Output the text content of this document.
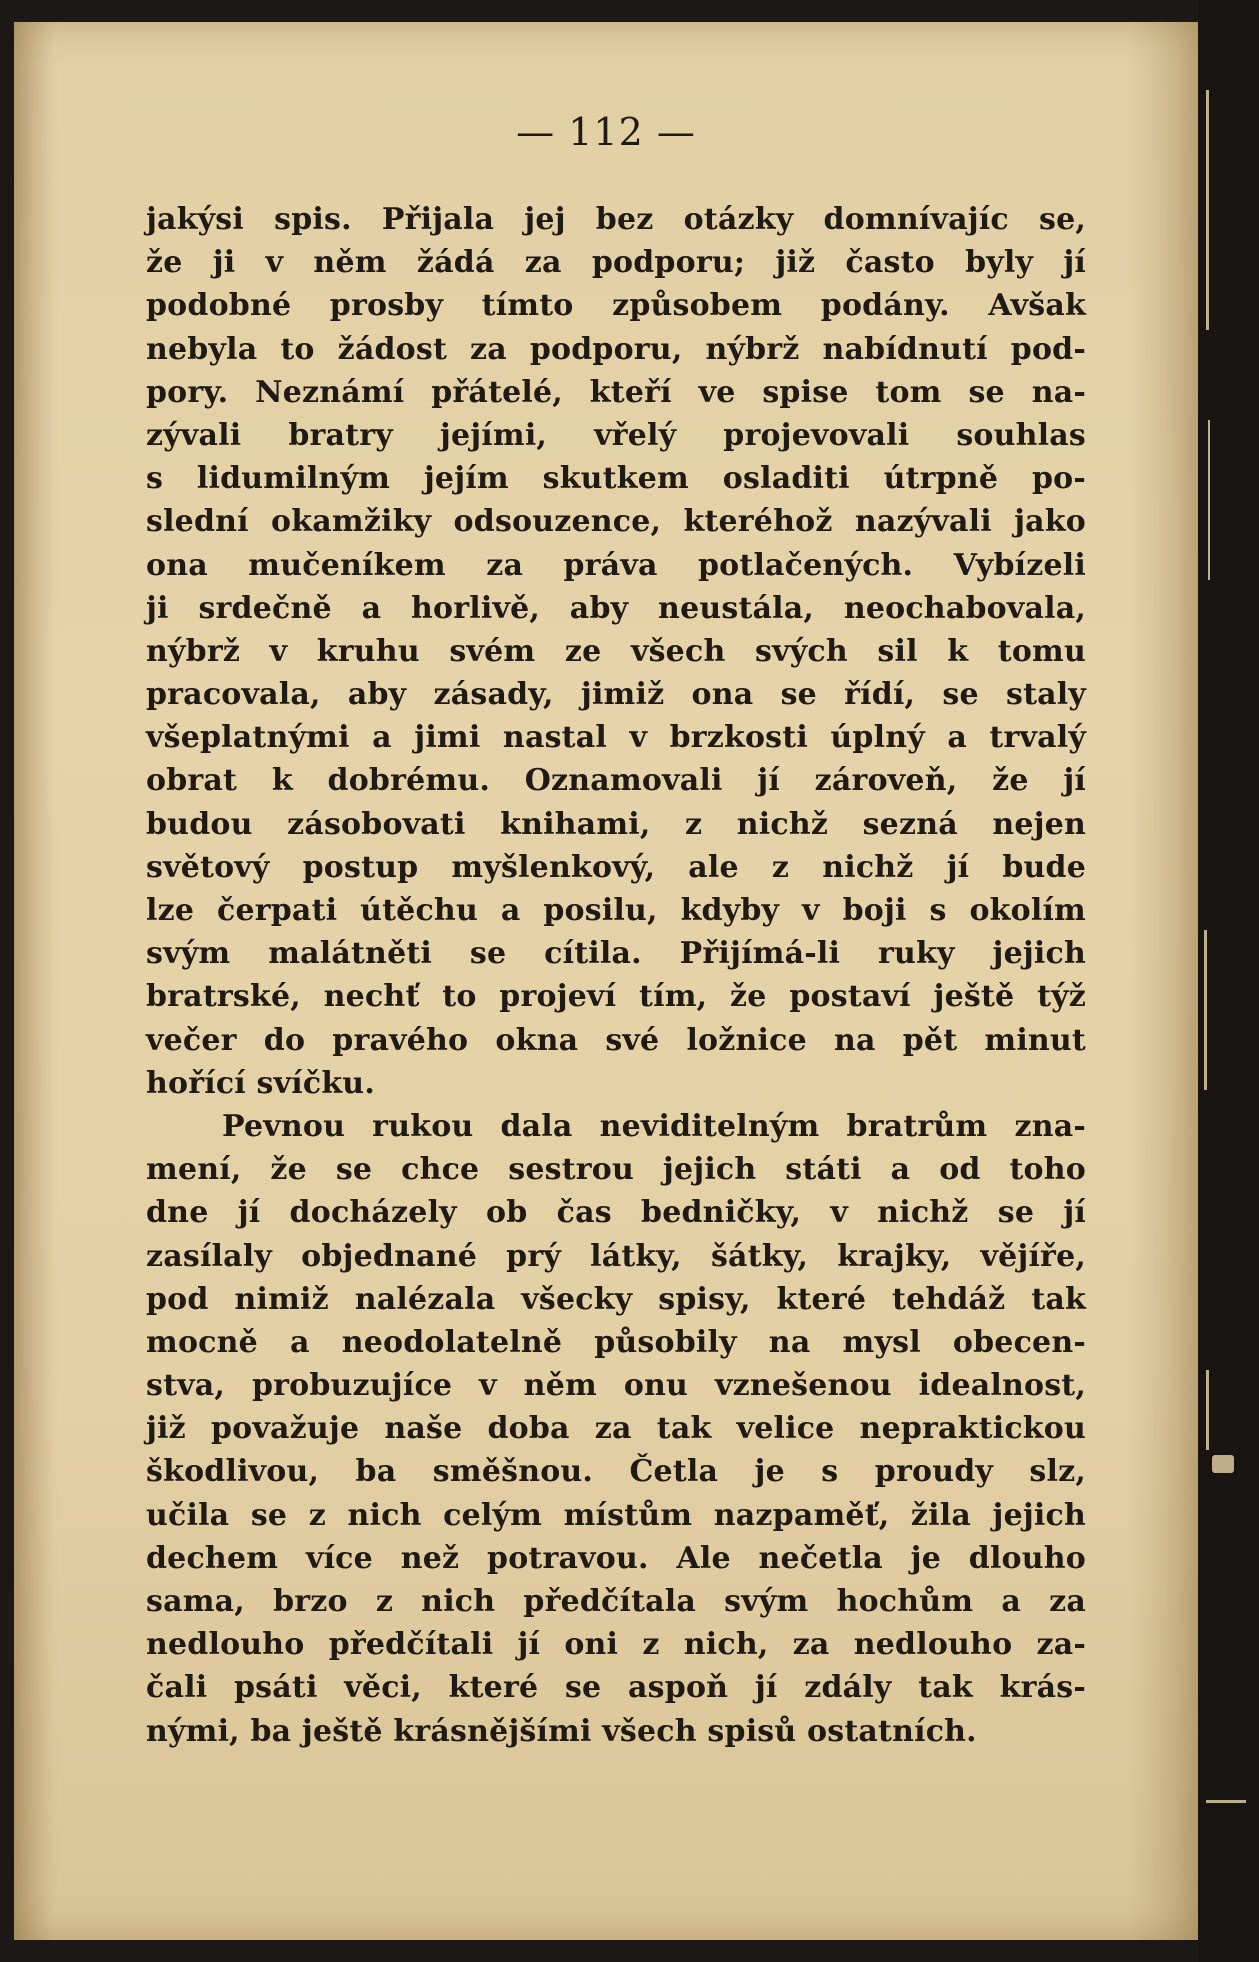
— 112 —
jakýsi spis. Přijala jej bez otázky domnívajíc se,
že ji v něm žádá za podporu; již často byly jí
podobné prosby tímto způsobem podány. Avšak
nebyla to žádost za podporu, nýbrž nabídnutí pod-
pory. Neznámí přátelé, kteří ve spise tom se na-
zývali bratry jejími, vřelý projevovali souhlas
s lidumilným jejím skutkem osladiti útrpně po-
slední okamžiky odsouzence, kteréhož nazývali jako
ona mučeníkem za práva potlačených. Vybízeli
ji srdečně a horlivě, aby neustála, neochabovala,
nýbrž v kruhu svém ze všech svých sil k tomu
pracovala, aby zásady, jimiž ona se řídí, se staly
všeplatnými a jimi nastal v brzkosti úplný a trvalý
obrat k dobrému. Oznamovali jí zároveň, že jí
budou zásobovati knihami, z nichž sezná nejen
světový postup myšlenkový, ale z nichž jí bude
lze čerpati útěchu a posilu, kdyby v boji s okolím
svým malátněti se cítila. Přijímá-li ruky jejich
bratrské, nechť to projeví tím, že postaví ještě týž
večer do pravého okna své ložnice na pět minut
hořící svíčku.
Pevnou rukou dala neviditelným bratrům zna-
mení, že se chce sestrou jejich státi a od toho
dne jí docházely ob čas bedničky, v nichž se jí
zasílaly objednané prý látky, šátky, krajky, vějíře,
pod nimiž nalézala všecky spisy, které tehdáž tak
mocně a neodolatelně působily na mysl obecen-
stva, probuzujíce v něm onu vznešenou idealnost,
již považuje naše doba za tak velice nepraktickou
škodlivou, ba směšnou. Četla je s proudy slz,
učila se z nich celým místům nazpaměť, žila jejich
dechem více než potravou. Ale nečetla je dlouho
sama, brzo z nich předčítala svým hochům a za
nedlouho předčítali jí oni z nich, za nedlouho za-
čali psáti věci, které se aspoň jí zdály tak krás-
nými, ba ještě krásnějšími všech spisů ostatních.
